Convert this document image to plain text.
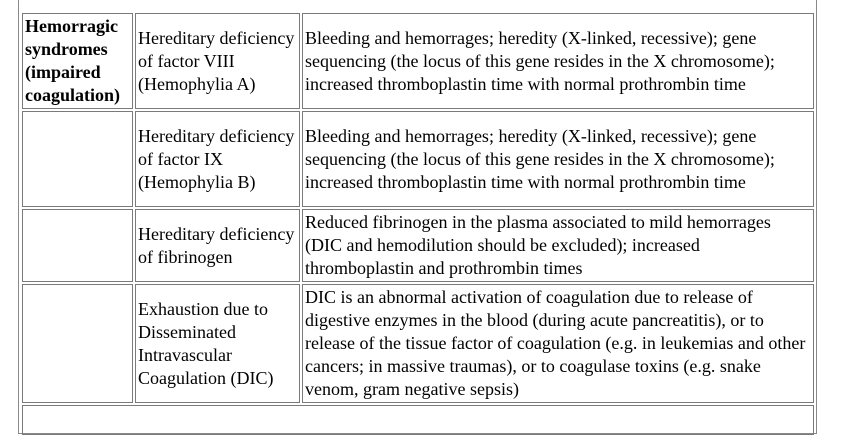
Hemorragic syndromes (impaired coagulation)	Hereditary deficiency of factor VIII (Hemophylia A)	Bleeding and hemorrages; heredity (X-linked, recessive); gene sequencing (the locus of this gene resides in the X chromosome); increased thromboplastin time with normal prothrombin time

	Hereditary deficiency of factor IX (Hemophylia B)	Bleeding and hemorrages; heredity (X-linked, recessive); gene sequencing (the locus of this gene resides in the X chromosome); increased thromboplastin time with normal prothrombin time

	Hereditary deficiency of fibrinogen	Reduced fibrinogen in the plasma associated to mild hemorrages (DIC and hemodilution should be excluded); increased thromboplastin and prothrombin times

	Exhaustion due to Disseminated Intravascular Coagulation (DIC)	DIC is an abnormal activation of coagulation due to release of digestive enzymes in the blood (during acute pancreatitis), or to release of the tissue factor of coagulation (e.g. in leukemias and other cancers; in massive traumas), or to coagulase toxins (e.g. snake venom, gram negative sepsis)
